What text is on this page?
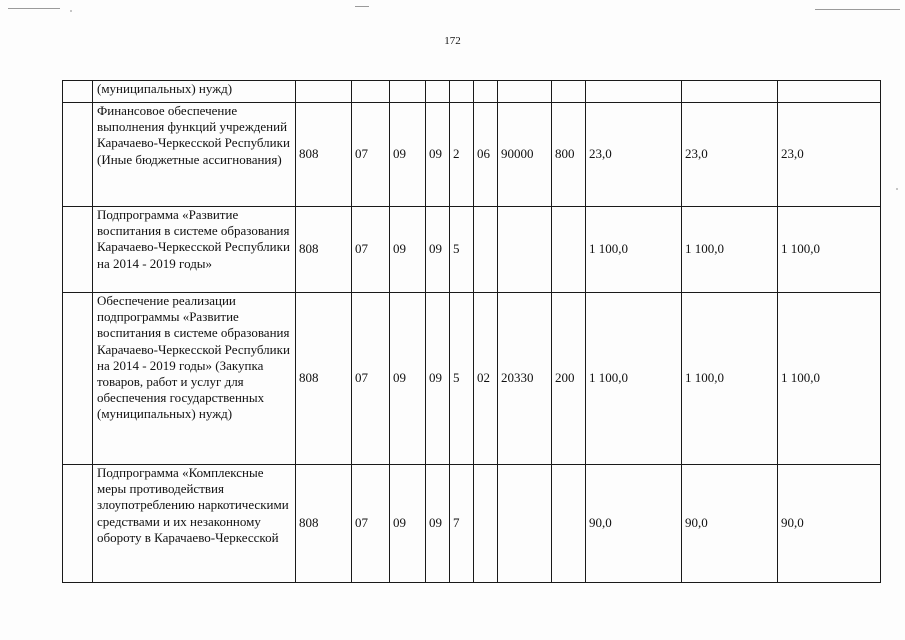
172
	(муниципальных) нужд)											
	Финансовое обеспечение выполнения функций учреждений Карачаево-Черкесской Республики (Иные бюджетные ассигнования)	808	07	09	09	2	06	90000	800	23,0	23,0	23,0
	Подпрограмма «Развитие воспитания в системе образования Карачаево-Черкесской Республики на 2014 - 2019 годы»	808	07	09	09	5				1 100,0	1 100,0	1 100,0
	Обеспечение реализации подпрограммы «Развитие воспитания в системе образования Карачаево-Черкесской Республики на 2014 - 2019 годы» (Закупка товаров, работ и услуг для обеспечения государственных (муниципальных) нужд)	808	07	09	09	5	02	20330	200	1 100,0	1 100,0	1 100,0
	Подпрограмма «Комплексные меры противодействия злоупотреблению наркотическими средствами и их незаконному обороту в Карачаево-Черкесской	808	07	09	09	7				90,0	90,0	90,0
